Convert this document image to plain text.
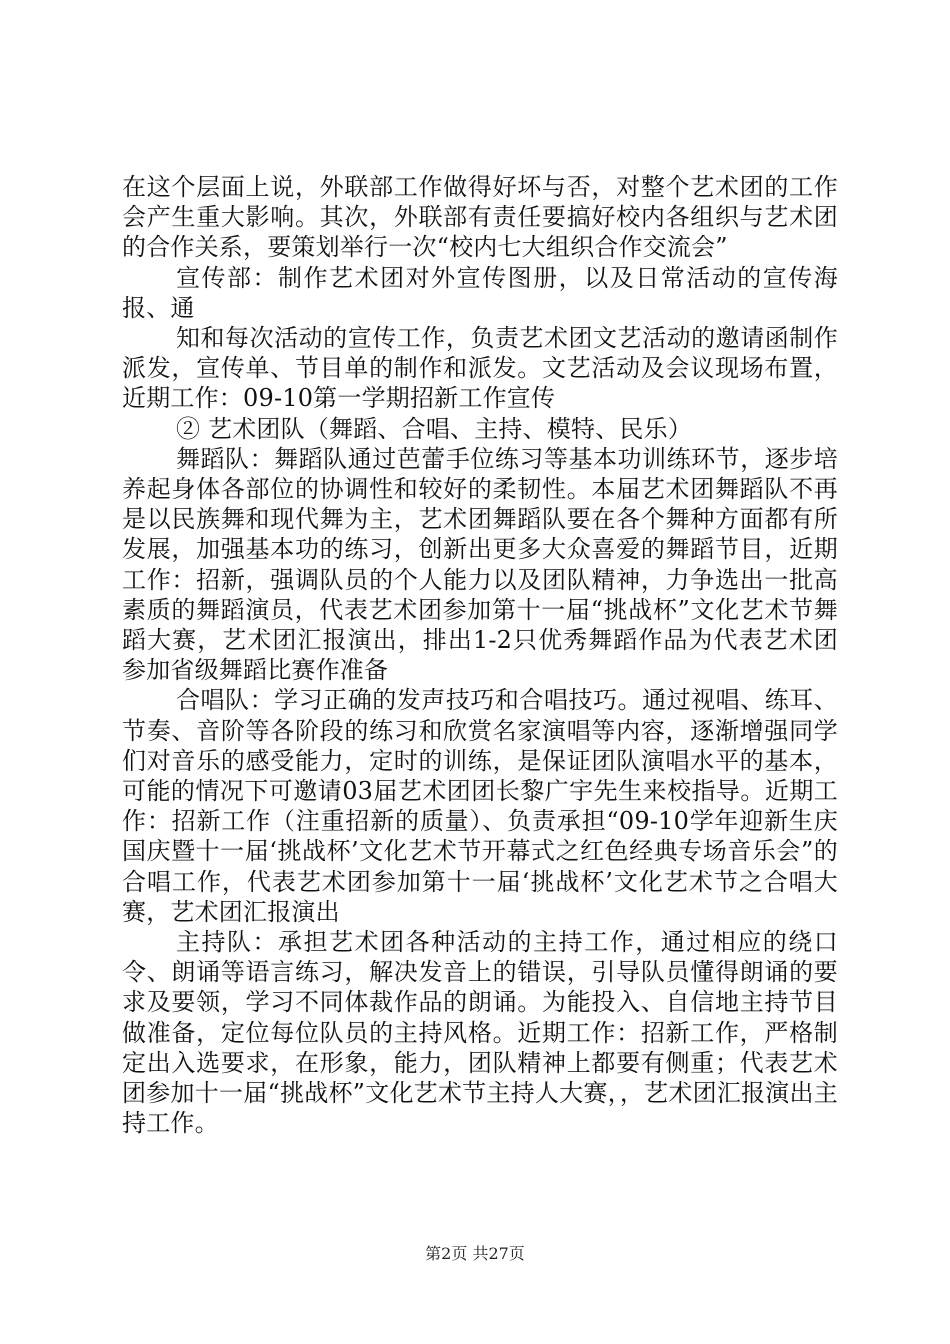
在这个层面上说，外联部工作做得好坏与否，对整个艺术团的工作会产生重大影响。其次，外联部有责任要搞好校内各组织与艺术团的合作关系，要策划举行一次“校内七大组织合作交流会”

宣传部：制作艺术团对外宣传图册，以及日常活动的宣传海报、通

知和每次活动的宣传工作，负责艺术团文艺活动的邀请函制作派发，宣传单、节目单的制作和派发。文艺活动及会议现场布置，近期工作：09-10第一学期招新工作宣传

② 艺术团队（舞蹈、合唱、主持、模特、民乐）

舞蹈队：舞蹈队通过芭蕾手位练习等基本功训练环节，逐步培养起身体各部位的协调性和较好的柔韧性。本届艺术团舞蹈队不再是以民族舞和现代舞为主，艺术团舞蹈队要在各个舞种方面都有所发展，加强基本功的练习，创新出更多大众喜爱的舞蹈节目，近期工作：招新，强调队员的个人能力以及团队精神，力争选出一批高素质的舞蹈演员，代表艺术团参加第十一届“挑战杯”文化艺术节舞蹈大赛，艺术团汇报演出，排出1-2只优秀舞蹈作品为代表艺术团参加省级舞蹈比赛作准备

合唱队：学习正确的发声技巧和合唱技巧。通过视唱、练耳、节奏、音阶等各阶段的练习和欣赏名家演唱等内容，逐渐增强同学们对音乐的感受能力，定时的训练，是保证团队演唱水平的基本，可能的情况下可邀请03届艺术团团长黎广宇先生来校指导。近期工作：招新工作（注重招新的质量）、负责承担“09-10学年迎新生庆国庆暨十一届‘挑战杯’文化艺术节开幕式之红色经典专场音乐会”的合唱工作，代表艺术团参加第十一届‘挑战杯’文化艺术节之合唱大赛，艺术团汇报演出

主持队：承担艺术团各种活动的主持工作，通过相应的绕口令、朗诵等语言练习，解决发音上的错误，引导队员懂得朗诵的要求及要领，学习不同体裁作品的朗诵。为能投入、自信地主持节目做准备，定位每位队员的主持风格。近期工作：招新工作，严格制定出入选要求，在形象，能力，团队精神上都要有侧重；代表艺术团参加十一届“挑战杯”文化艺术节主持人大赛，，艺术团汇报演出主持工作。

第2页 共27页
